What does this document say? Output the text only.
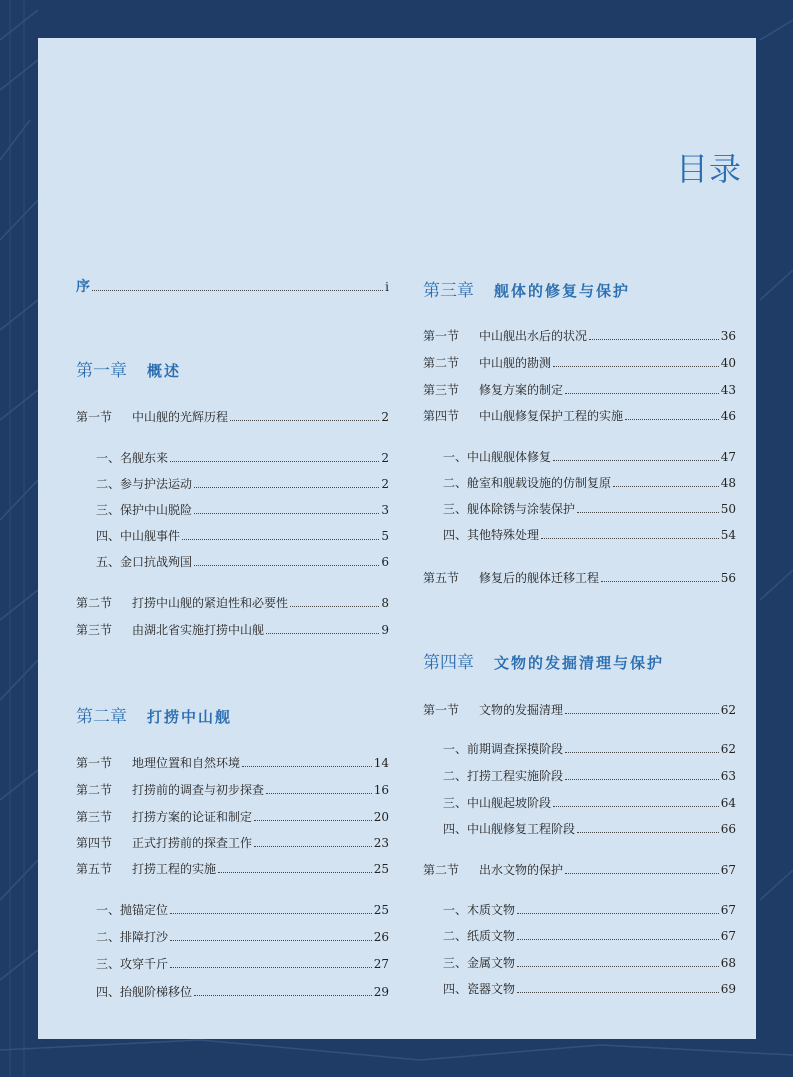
目录
序	i
第一章 概述
第一节 中山舰的光辉历程	2
一、名舰东来	2
二、参与护法运动	2
三、保护中山脱险	3
四、中山舰事件	5
五、金口抗战殉国	6
第二节 打捞中山舰的紧迫性和必要性	8
第三节 由湖北省实施打捞中山舰	9
第二章 打捞中山舰
第一节 地理位置和自然环境	14
第二节 打捞前的调查与初步探查	16
第三节 打捞方案的论证和制定	20
第四节 正式打捞前的探查工作	23
第五节 打捞工程的实施	25
一、抛锚定位	25
二、排障打沙	26
三、攻穿千斤	27
四、抬舰阶梯移位	29
第三章 舰体的修复与保护
第一节 中山舰出水后的状况	36
第二节 中山舰的勘测	40
第三节 修复方案的制定	43
第四节 中山舰修复保护工程的实施	46
一、中山舰舰体修复	47
二、舱室和舰载设施的仿制复原	48
三、舰体除锈与涂装保护	50
四、其他特殊处理	54
第五节 修复后的舰体迁移工程	56
第四章 文物的发掘清理与保护
第一节 文物的发掘清理	62
一、前期调查探摸阶段	62
二、打捞工程实施阶段	63
三、中山舰起坡阶段	64
四、中山舰修复工程阶段	66
第二节 出水文物的保护	67
一、木质文物	67
二、纸质文物	67
三、金属文物	68
四、瓷器文物	69
